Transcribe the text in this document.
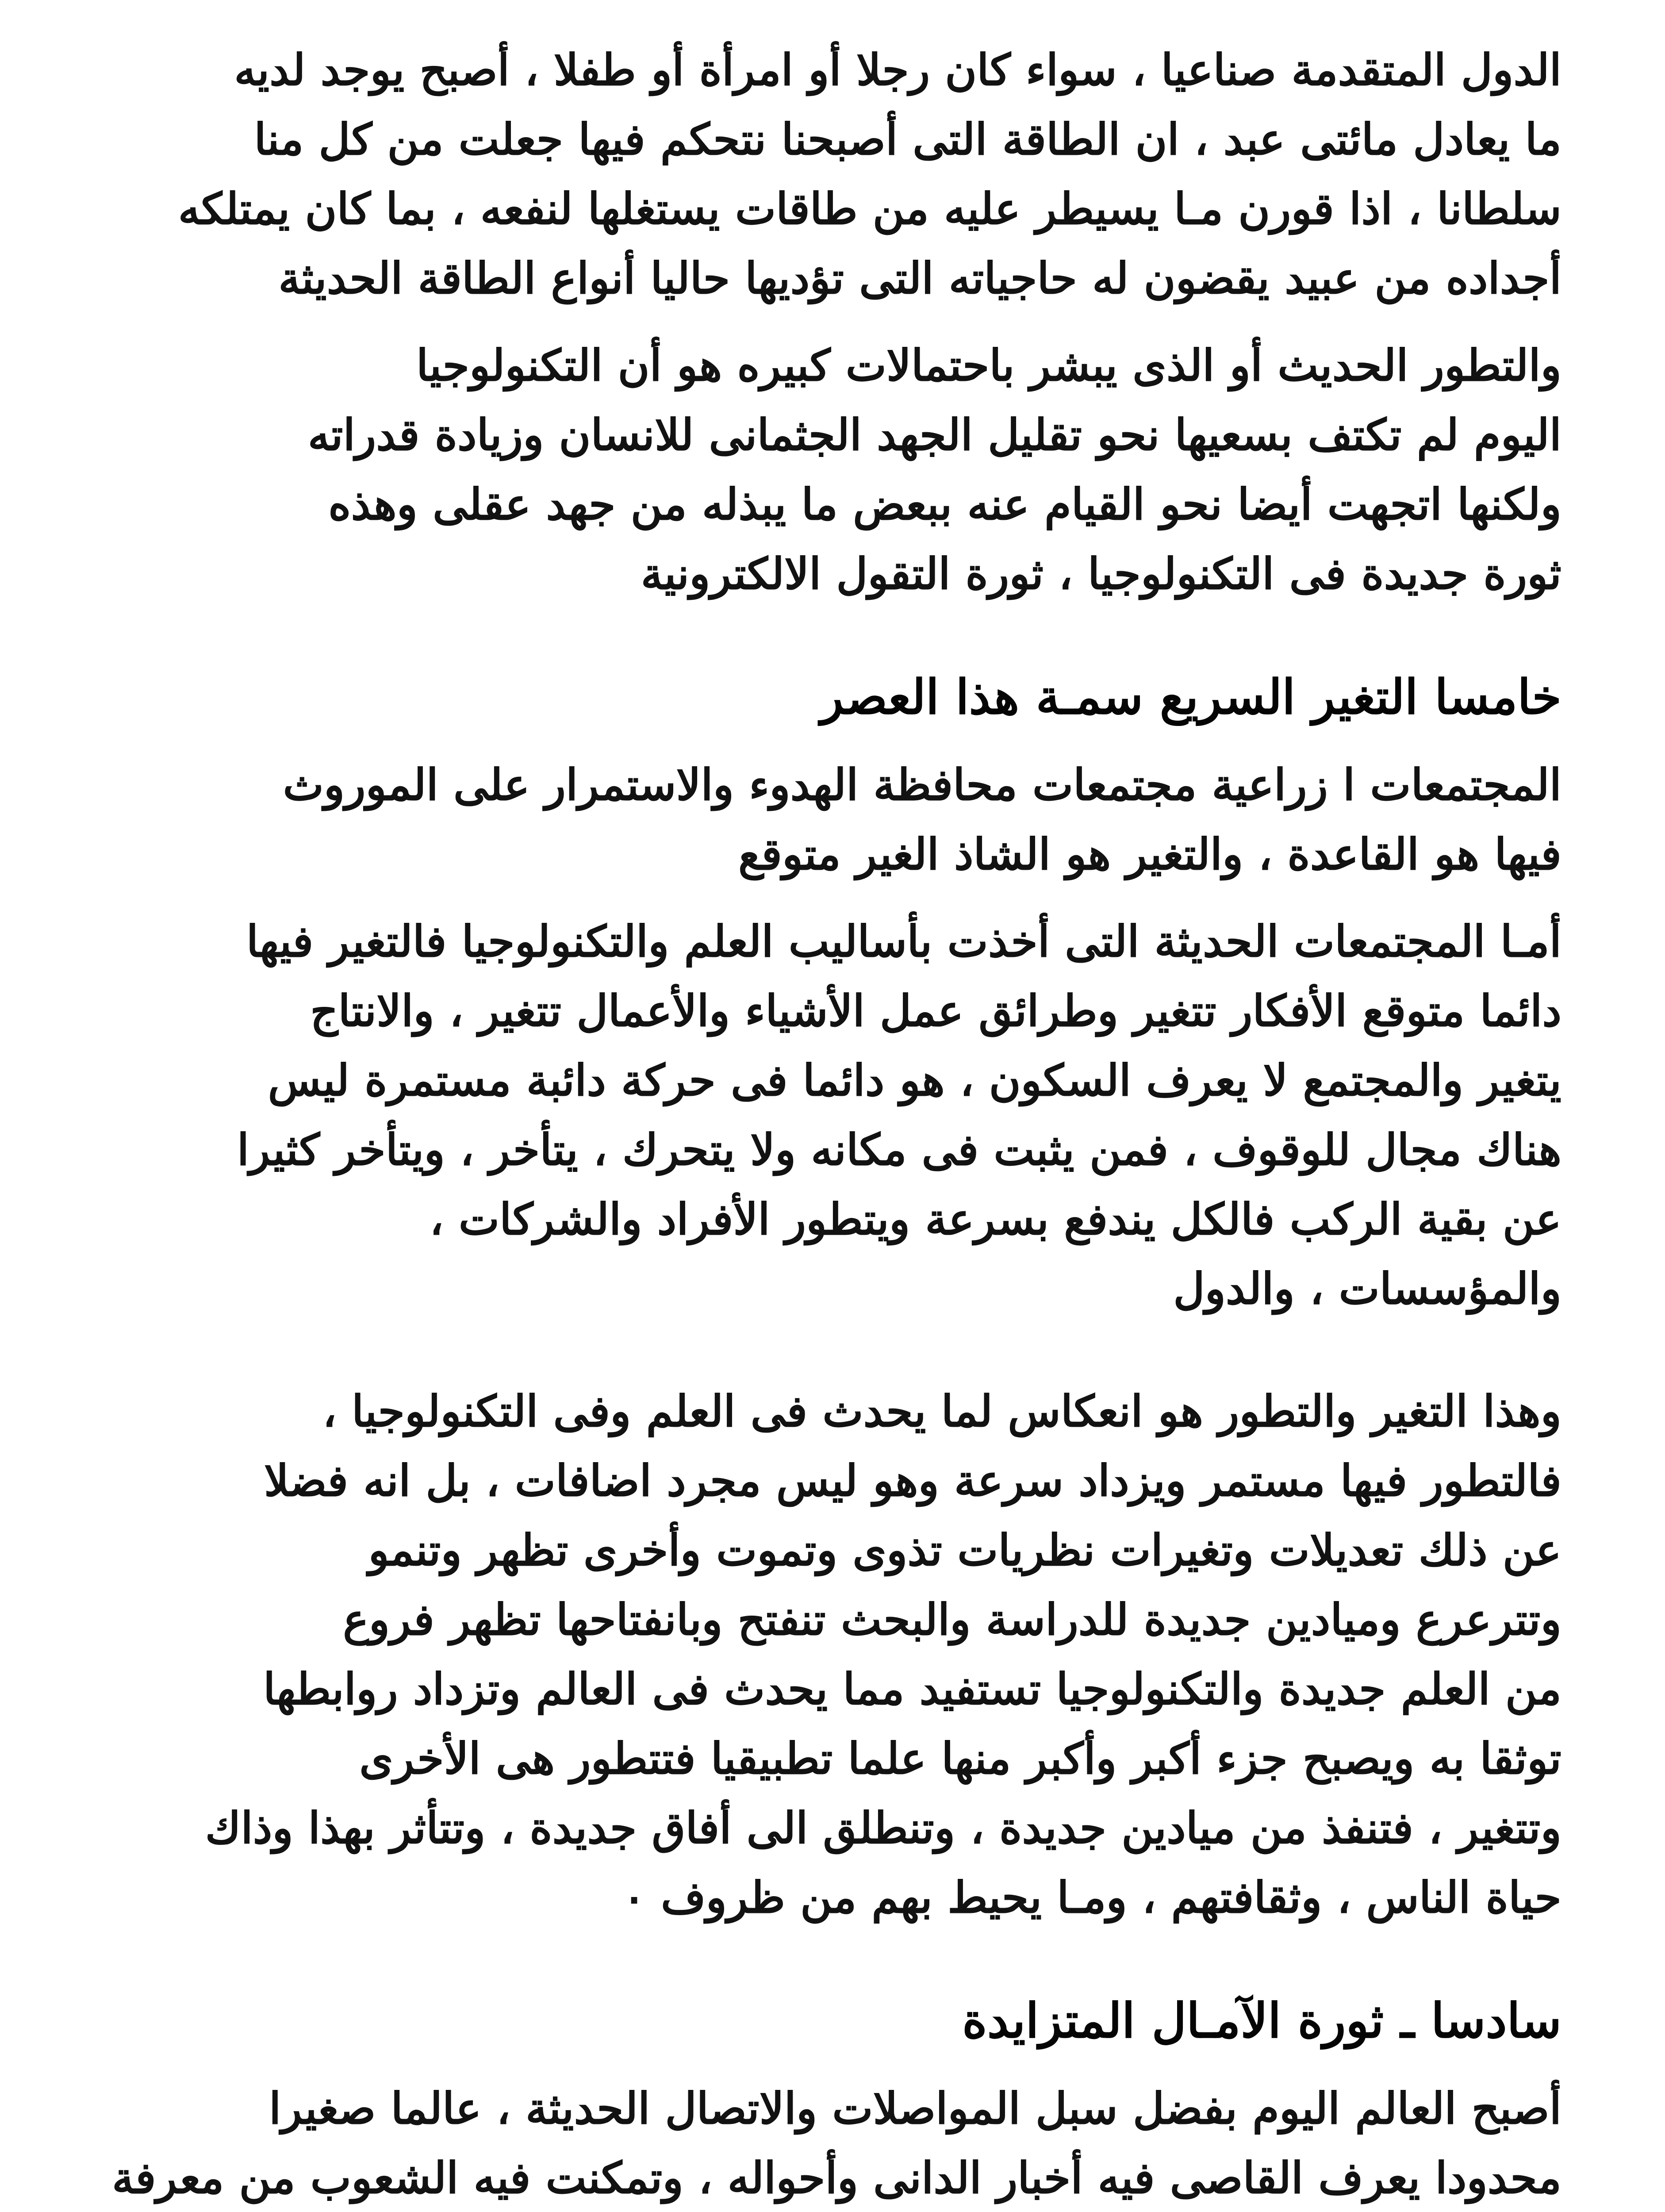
الدول المتقدمة صناعيا ، سواء كان رجلا أو امرأة أو طفلا ، أصبح يوجد لديه
ما يعادل مائتى عبد ، ان الطاقة التى أصبحنا نتحكم فيها جعلت من كل منا
سلطانا ، اذا قورن مـا يسيطر عليه من طاقات يستغلها لنفعه ، بما كان يمتلكه
أجداده من عبيد يقضون له حاجياته التى تؤديها حاليا أنواع الطاقة الحديثة
والتطور الحديث أو الذى يبشر باحتمالات كبيره هو أن التكنولوجيا
اليوم لم تكتف بسعيها نحو تقليل الجهد الجثمانى للانسان وزيادة قدراته
ولكنها اتجهت أيضا نحو القيام عنه ببعض ما يبذله من جهد عقلى وهذه
ثورة جديدة فى التكنولوجيا ، ثورة التقول الالكترونية
خامسا التغير السريع سمـة هذا العصر
المجتمعات ا زراعية مجتمعات محافظة الهدوء والاستمرار على الموروث
فيها هو القاعدة ، والتغير هو الشاذ الغير متوقع
أمـا المجتمعات الحديثة التى أخذت بأساليب العلم والتكنولوجيا فالتغير فيها
دائما متوقع الأفكار تتغير وطرائق عمل الأشياء والأعمال تتغير ، والانتاج
يتغير والمجتمع لا يعرف السكون ، هو دائما فى حركة دائبة مستمرة ليس
هناك مجال للوقوف ، فمن يثبت فى مكانه ولا يتحرك ، يتأخر ، ويتأخر كثيرا
عن بقية الركب فالكل يندفع بسرعة ويتطور الأفراد والشركات ،
والمؤسسات ، والدول
وهذا التغير والتطور هو انعكاس لما يحدث فى العلم وفى التكنولوجيا ،
فالتطور فيها مستمر ويزداد سرعة وهو ليس مجرد اضافات ، بل انه فضلا
عن ذلك تعديلات وتغيرات نظريات تذوى وتموت وأخرى تظهر وتنمو
وتترعرع وميادين جديدة للدراسة والبحث تنفتح وبانفتاحها تظهر فروع
من العلم جديدة والتكنولوجيا تستفيد مما يحدث فى العالم وتزداد روابطها
توثقا به ويصبح جزء أكبر وأكبر منها علما تطبيقيا فتتطور هى الأخرى
وتتغير ، فتنفذ من ميادين جديدة ، وتنطلق الى أفاق جديدة ، وتتأثر بهذا وذاك
حياة الناس ، وثقافتهم ، ومـا يحيط بهم من ظروف ٠
سادسا ـ ثورة الآمـال المتزايدة
أصبح العالم اليوم بفضل سبل المواصلات والاتصال الحديثة ، عالما صغيرا
محدودا يعرف القاصى فيه أخبار الدانى وأحواله ، وتمكنت فيه الشعوب من معرفة
